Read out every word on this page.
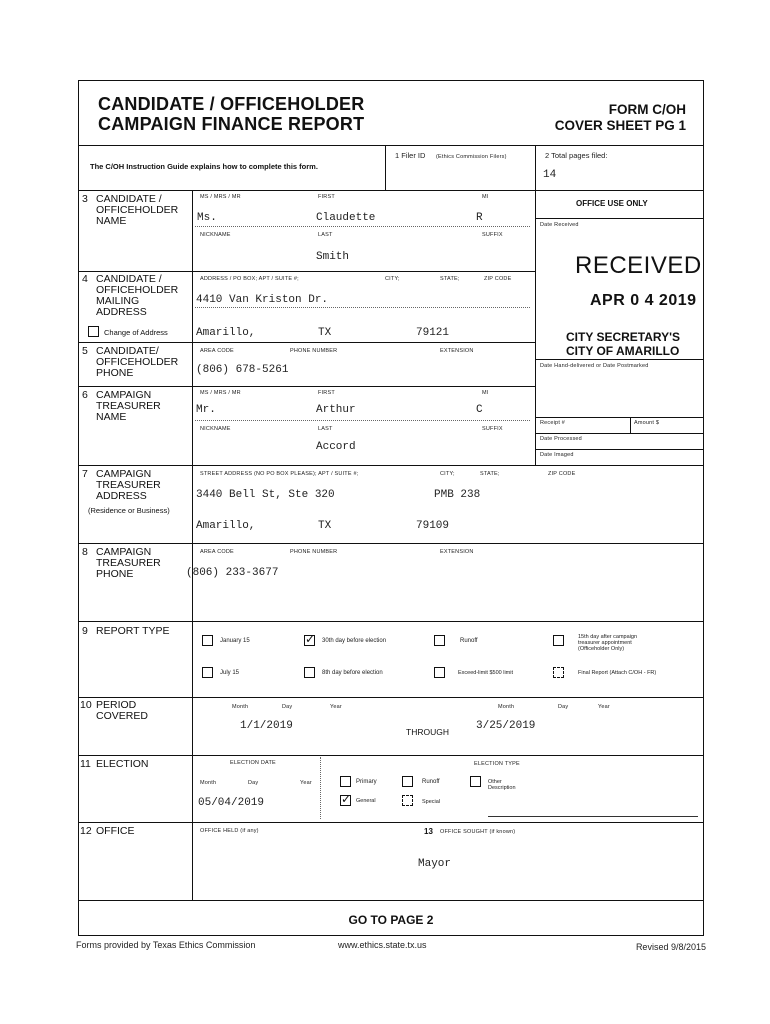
CANDIDATE / OFFICEHOLDER
CAMPAIGN FINANCE REPORT
FORM C/OH
COVER SHEET PG 1
The C/OH Instruction Guide explains how to complete this form.
1 Filer ID (Ethics Commission Filers)	2 Total pages filed:
14
OFFICE USE ONLY
Date Received
RECEIVED
APR 0 4 2019
CITY SECRETARY'S
CITY OF AMARILLO
Date Hand-delivered or Date Postmarked
Receipt #	Amount $
Date Processed
Date Imaged
3 CANDIDATE /
OFFICEHOLDER
NAME
MS / MRS / MR	FIRST	MI
Ms.	Claudette	R
NICKNAME	LAST	SUFFIX
Smith
4 CANDIDATE /
OFFICEHOLDER
MAILING
ADDRESS
Change of Address
ADDRESS / PO BOX; APT / SUITE #;	CITY;	STATE;	ZIP CODE
4410 Van Kriston Dr.
Amarillo,	TX	79121
5 CANDIDATE/
OFFICEHOLDER
PHONE
AREA CODE	PHONE NUMBER	EXTENSION
(806) 678-5261
6 CAMPAIGN
TREASURER
NAME
MS / MRS / MR	FIRST	MI
Mr.	Arthur	C
NICKNAME	LAST	SUFFIX
Accord
7 CAMPAIGN
TREASURER
ADDRESS
(Residence or Business)
STREET ADDRESS (NO PO BOX PLEASE); APT / SUITE #;	CITY;	STATE;	ZIP CODE
3440 Bell St, Ste 320	PMB 238
Amarillo,	TX	79109
8 CAMPAIGN
TREASURER
PHONE
AREA CODE	PHONE NUMBER	EXTENSION
(806) 233-3677
9 REPORT TYPE
January 15	✓ 30th day before election	Runoff
15th day after campaign
treasurer appointment
(Officeholder Only)
July 15	8th day before election	Exceed-limit $500 limit	Final Report (Attach C/OH - FR)
10 PERIOD
COVERED
Month	Day	Year	Month	Day	Year
1/1/2019	THROUGH 3/25/2019
11 ELECTION	ELECTION DATE
Month	Day	Year
05/04/2019
ELECTION TYPE
Primary	Runoff	Other
Description
✓ General	Special
12 OFFICE	OFFICE HELD (if any)	13 OFFICE SOUGHT (if known)
Mayor
GO TO PAGE 2
Forms provided by Texas Ethics Commission	www.ethics.state.tx.us	Revised 9/8/2015
